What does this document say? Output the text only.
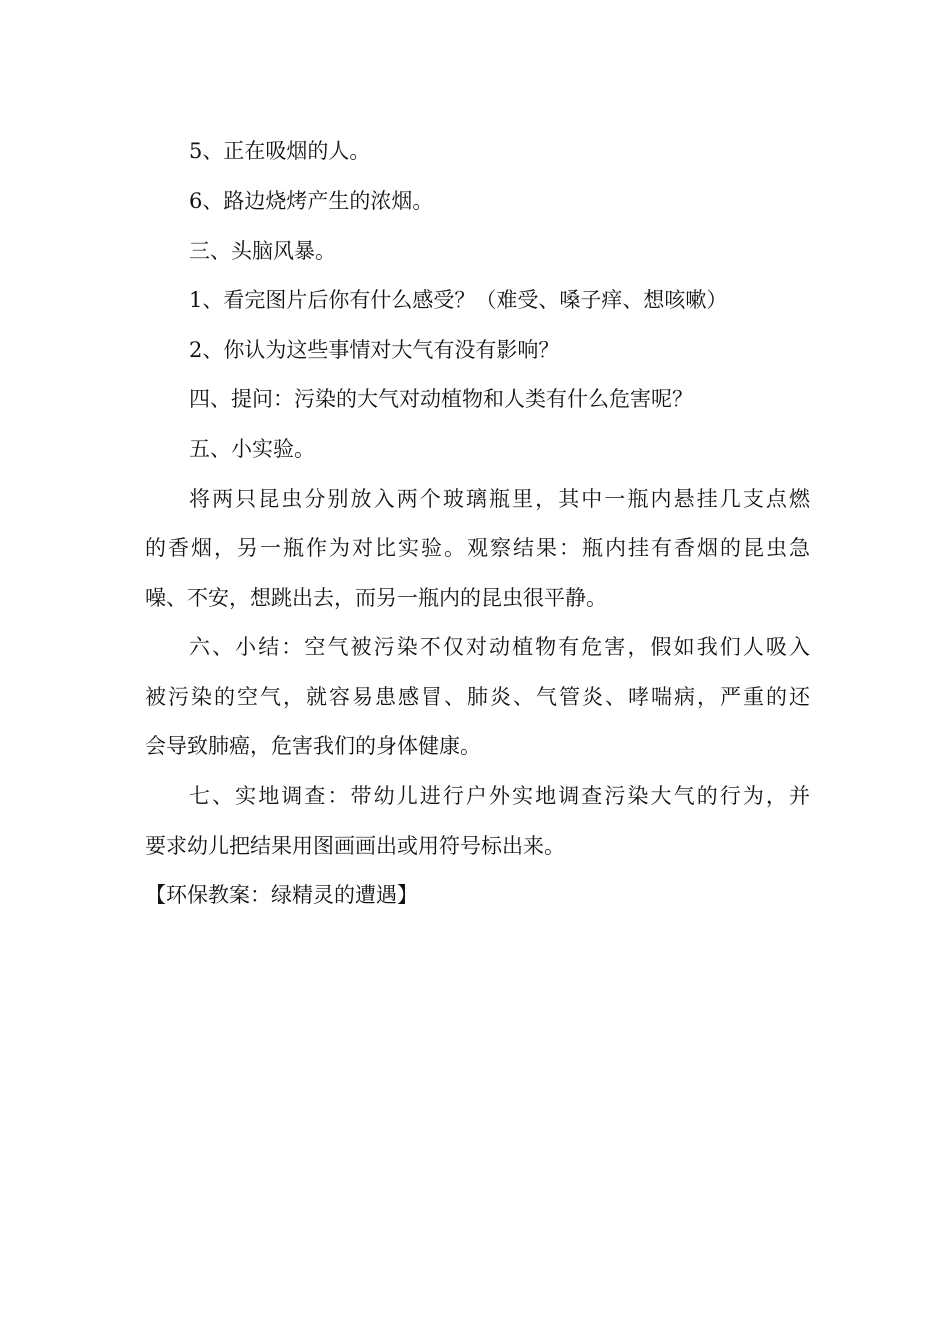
5、正在吸烟的人。
6、路边烧烤产生的浓烟。
三、头脑风暴。
1、看完图片后你有什么感受？（难受、嗓子痒、想咳嗽）
2、你认为这些事情对大气有没有影响？
四、提问：污染的大气对动植物和人类有什么危害呢？
五、小实验。
将两只昆虫分别放入两个玻璃瓶里，其中一瓶内悬挂几支点燃
的香烟，另一瓶作为对比实验。观察结果：瓶内挂有香烟的昆虫急
噪、不安，想跳出去，而另一瓶内的昆虫很平静。
六、小结：空气被污染不仅对动植物有危害，假如我们人吸入
被污染的空气，就容易患感冒、肺炎、气管炎、哮喘病，严重的还
会导致肺癌，危害我们的身体健康。
七、实地调查：带幼儿进行户外实地调查污染大气的行为，并
要求幼儿把结果用图画画出或用符号标出来。
【环保教案：绿精灵的遭遇】
